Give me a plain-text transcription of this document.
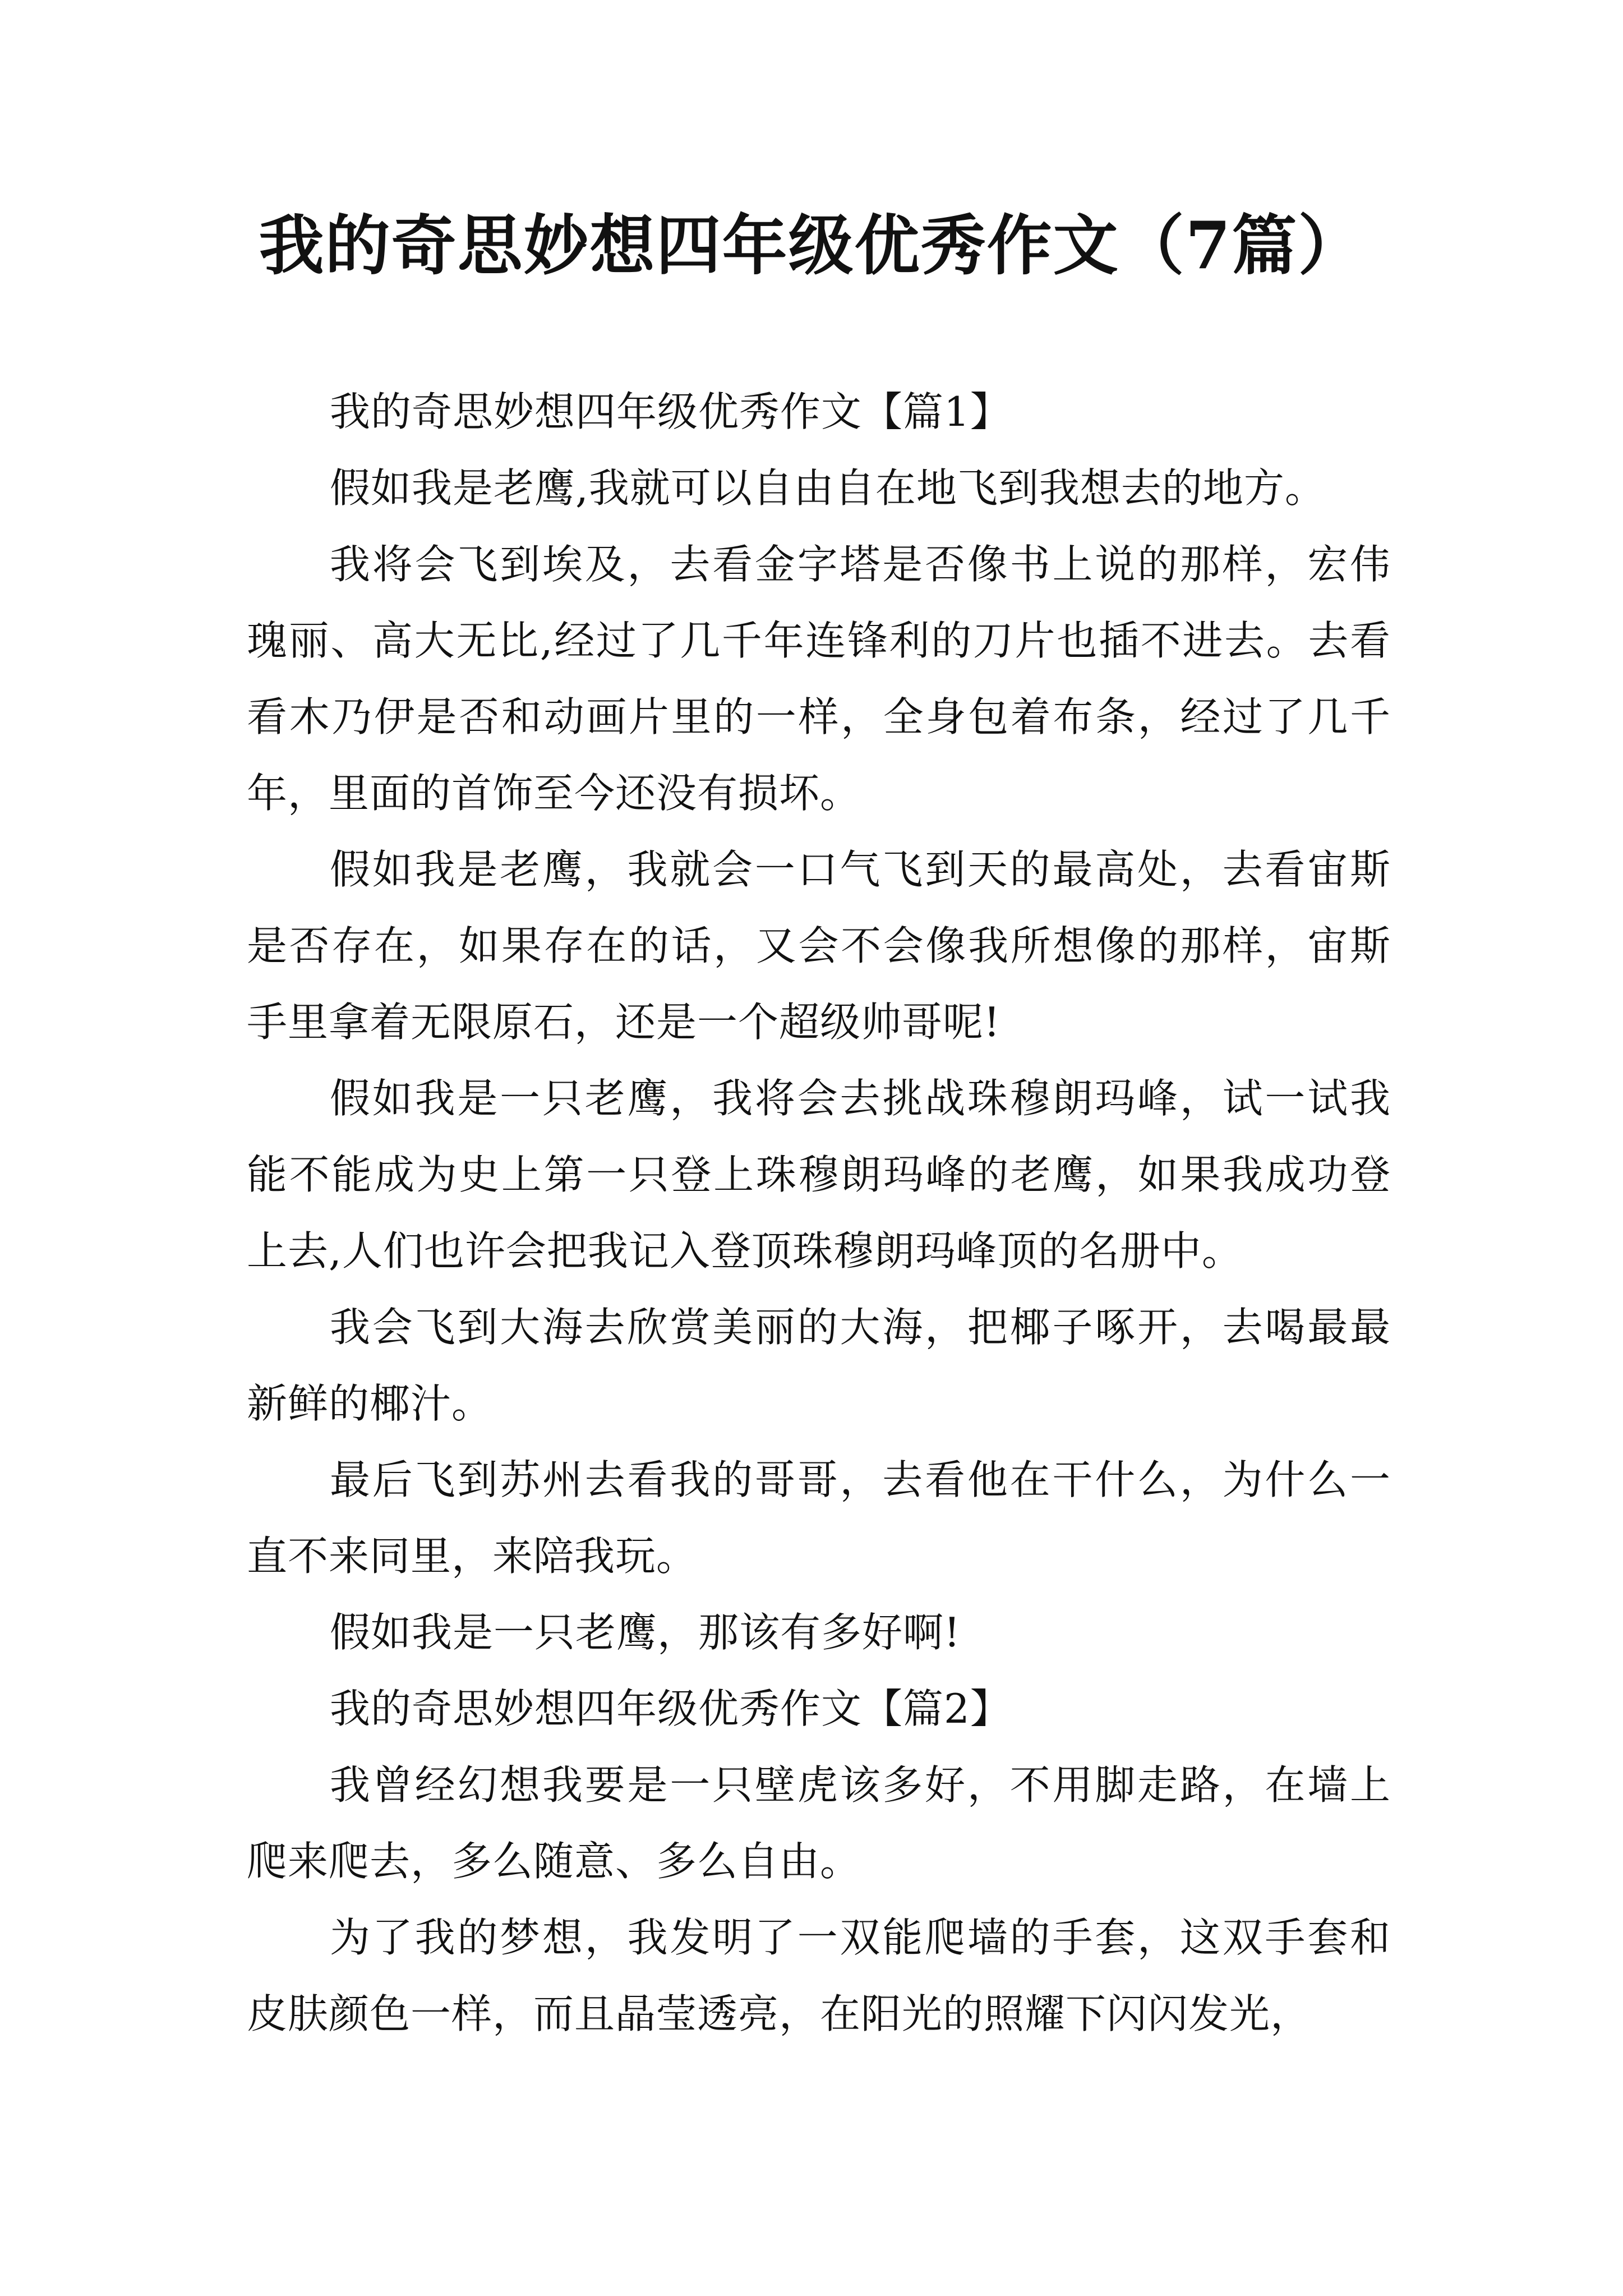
我的奇思妙想四年级优秀作文（7篇）

我的奇思妙想四年级优秀作文【篇1】

假如我是老鹰,我就可以自由自在地飞到我想去的地方。

我将会飞到埃及，去看金字塔是否像书上说的那样，宏伟瑰丽、高大无比,经过了几千年连锋利的刀片也插不进去。去看看木乃伊是否和动画片里的一样，全身包着布条，经过了几千年，里面的首饰至今还没有损坏。

假如我是老鹰，我就会一口气飞到天的最高处，去看宙斯是否存在，如果存在的话，又会不会像我所想像的那样，宙斯手里拿着无限原石，还是一个超级帅哥呢!

假如我是一只老鹰，我将会去挑战珠穆朗玛峰，试一试我能不能成为史上第一只登上珠穆朗玛峰的老鹰，如果我成功登上去,人们也许会把我记入登顶珠穆朗玛峰顶的名册中。

我会飞到大海去欣赏美丽的大海，把椰子啄开，去喝最最新鲜的椰汁。

最后飞到苏州去看我的哥哥，去看他在干什么，为什么一直不来同里，来陪我玩。

假如我是一只老鹰，那该有多好啊!

我的奇思妙想四年级优秀作文【篇2】

我曾经幻想我要是一只壁虎该多好，不用脚走路，在墙上爬来爬去，多么随意、多么自由。

为了我的梦想，我发明了一双能爬墙的手套，这双手套和皮肤颜色一样，而且晶莹透亮，在阳光的照耀下闪闪发光，
